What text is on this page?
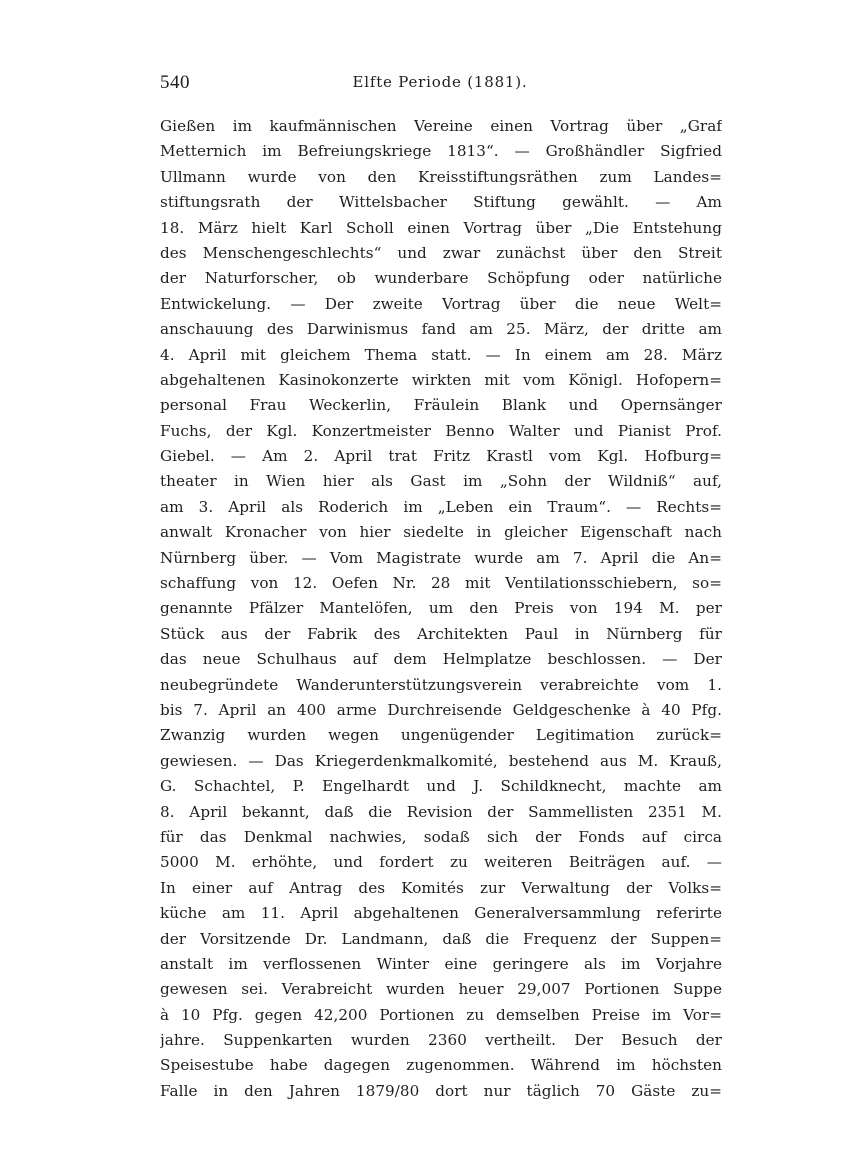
540	Elfte Periode (1881).
Gießen im kaufmännischen Vereine einen Vortrag über „Graf
Metternich im Befreiungskriege 1813“. — Großhändler Sigfried
Ullmann wurde von den Kreisstiftungsräthen zum Landes=
stiftungsrath der Wittelsbacher Stiftung gewählt. — Am
18. März hielt Karl Scholl einen Vortrag über „Die Entstehung
des Menschengeschlechts“ und zwar zunächst über den Streit
der Naturforscher, ob wunderbare Schöpfung oder natürliche
Entwickelung. — Der zweite Vortrag über die neue Welt=
anschauung des Darwinismus fand am 25. März, der dritte am
4. April mit gleichem Thema statt. — In einem am 28. März
abgehaltenen Kasinokonzerte wirkten mit vom Königl. Hofopern=
personal Frau Weckerlin, Fräulein Blank und Opernsänger
Fuchs, der Kgl. Konzertmeister Benno Walter und Pianist Prof.
Giebel. — Am 2. April trat Fritz Krastl vom Kgl. Hofburg=
theater in Wien hier als Gast im „Sohn der Wildniß“ auf,
am 3. April als Roderich im „Leben ein Traum“. — Rechts=
anwalt Kronacher von hier siedelte in gleicher Eigenschaft nach
Nürnberg über. — Vom Magistrate wurde am 7. April die An=
schaffung von 12. Oefen Nr. 28 mit Ventilationsschiebern, so=
genannte Pfälzer Mantelöfen, um den Preis von 194 M. per
Stück aus der Fabrik des Architekten Paul in Nürnberg für
das neue Schulhaus auf dem Helmplatze beschlossen. — Der
neubegründete Wanderunterstützungsverein verabreichte vom 1.
bis 7. April an 400 arme Durchreisende Geldgeschenke à 40 Pfg.
Zwanzig wurden wegen ungenügender Legitimation zurück=
gewiesen. — Das Kriegerdenkmalkomité, bestehend aus M. Krauß,
G. Schachtel, P. Engelhardt und J. Schildknecht, machte am
8. April bekannt, daß die Revision der Sammellisten 2351 M.
für das Denkmal nachwies, sodaß sich der Fonds auf circa
5000 M. erhöhte, und fordert zu weiteren Beiträgen auf. —
In einer auf Antrag des Komités zur Verwaltung der Volks=
küche am 11. April abgehaltenen Generalversammlung referirte
der Vorsitzende Dr. Landmann, daß die Frequenz der Suppen=
anstalt im verflossenen Winter eine geringere als im Vorjahre
gewesen sei. Verabreicht wurden heuer 29,007 Portionen Suppe
à 10 Pfg. gegen 42,200 Portionen zu demselben Preise im Vor=
jahre. Suppenkarten wurden 2360 vertheilt. Der Besuch der
Speisestube habe dagegen zugenommen. Während im höchsten
Falle in den Jahren 1879/80 dort nur täglich 70 Gäste zu=
